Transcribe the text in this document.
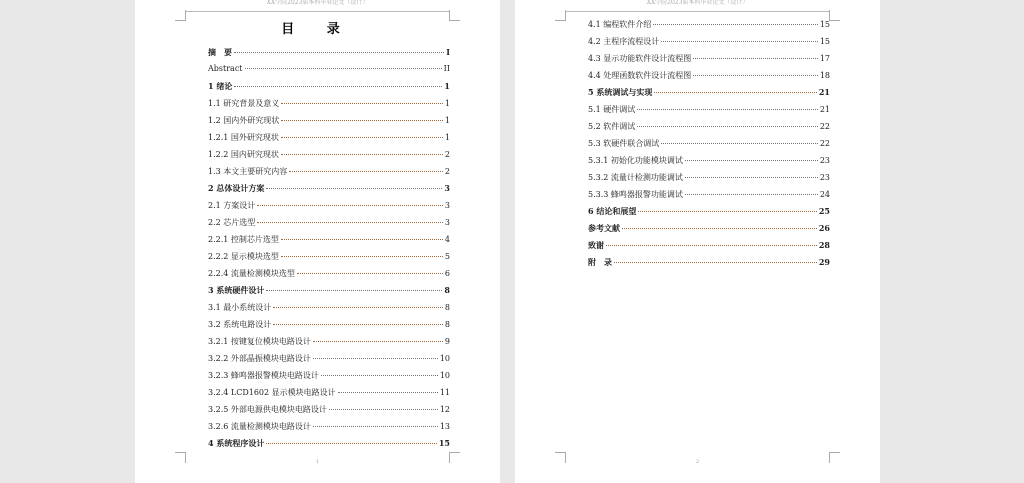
XX学院2023届本科毕业论文（设计）
目 录
摘　要	I
Abstract	II
1 绪论	1
1.1 研究背景及意义	1
1.2 国内外研究现状	1
1.2.1 国外研究现状	1
1.2.2 国内研究现状	2
1.3 本文主要研究内容	2
2 总体设计方案	3
2.1 方案设计	3
2.2 芯片选型	3
2.2.1 控制芯片选型	4
2.2.2 显示模块选型	5
2.2.4 流量检测模块选型	6
3 系统硬件设计	8
3.1 最小系统设计	8
3.2 系统电路设计	8
3.2.1 按键复位模块电路设计	9
3.2.2 外部晶振模块电路设计	10
3.2.3 蜂鸣器报警模块电路设计	10
3.2.4 LCD1602 显示模块电路设计	11
3.2.5 外部电源供电模块电路设计	12
3.2.6 流量检测模块电路设计	13
4 系统程序设计	15
1
XX学院2023届本科毕业论文（设计）
4.1 编程软件介绍	15
4.2 主程序流程设计	15
4.3 显示功能软件设计流程图	17
4.4 处理函数软件设计流程图	18
5 系统调试与实现	21
5.1 硬件调试	21
5.2 软件调试	22
5.3 软硬件联合调试	22
5.3.1 初始化功能模块调试	23
5.3.2 流量计检测功能调试	23
5.3.3 蜂鸣器报警功能调试	24
6 结论和展望	25
参考文献	26
致谢	28
附　录	29
2
